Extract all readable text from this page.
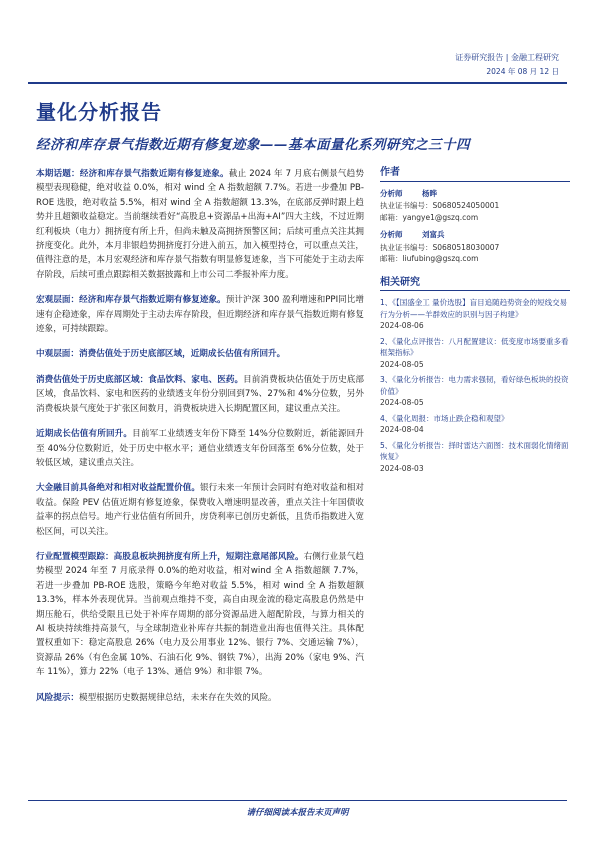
证券研究报告 | 金融工程研究
2024 年 08 月 12 日
量化分析报告
经济和库存景气指数近期有修复迹象——基本面量化系列研究之三十四

本期话题：经济和库存景气指数近期有修复迹象。截止 2024 年 7 月底右侧景气趋势模型表现稳健，绝对收益 0.0%，相对 wind 全 A 指数超额 7.7%。若进一步叠加 PB-ROE 选股，绝对收益 5.5%，相对 wind 全 A 指数超额 13.3%，在底部反弹时跟上趋势并且超额收益稳定。当前继续看好“高股息+资源品+出海+AI”四大主线，不过近期红利板块（电力）拥挤度有所上升，但尚未触及高拥挤预警区间；后续可重点关注其拥挤度变化。此外，本月非银趋势拥挤度打分进入前五，加入模型持仓，可以重点关注，值得注意的是，本月宏观经济和库存景气指数有明显修复迹象，当下可能处于主动去库存阶段，后续可重点跟踪相关数据披露和上市公司二季报补库力度。

宏观层面：经济和库存景气指数近期有修复迹象。预计沪深 300 盈利增速和PPI同比增速有企稳迹象，库存周期处于主动去库存阶段，但近期经济和库存景气指数近期有修复迹象，可持续跟踪。

中观层面：消费估值处于历史底部区域，近期成长估值有所回升。

消费估值处于历史底部区域：食品饮料、家电、医药。目前消费板块估值处于历史底部区域，食品饮料、家电和医药的业绩透支年份分别回到7%、27%和 4%分位数，另外消费板块景气度处于扩张区间数月，消费板块进入长期配置区间，建议重点关注。

近期成长估值有所回升。目前军工业绩透支年份下降至 14%分位数附近，新能源回升至 40%分位数附近，处于历史中枢水平；通信业绩透支年份回落至 6%分位数，处于较低区域，建议重点关注。

大金融目前具备绝对和相对收益配置价值。银行未来一年预计会同时有绝对收益和相对收益。保险 PEV 估值近期有修复迹象，保费收入增速明显改善，重点关注十年国债收益率的拐点信号。地产行业估值有所回升，房贷利率已创历史新低，且货币指数进入宽松区间，可以关注。

行业配置模型跟踪：高股息板块拥挤度有所上升，短期注意尾部风险。右侧行业景气趋势模型 2024 年至 7 月底录得 0.0%的绝对收益，相对wind 全 A 指数超额 7.7%，若进一步叠加 PB-ROE 选股，策略今年绝对收益 5.5%，相对 wind 全 A 指数超额 13.3%，样本外表现优异。当前观点维持不变，高自由现金流的稳定高股息仍然是中期压舱石，供给受限且已处于补库存周期的部分资源品进入超配阶段，与算力相关的 AI 板块持续维持高景气，与全球制造业补库存共振的制造业出海也值得关注。具体配置权重如下：稳定高股息 26%（电力及公用事业 12%、银行 7%、交通运输 7%），资源品 26%（有色金属 10%、石油石化 9%、钢铁 7%），出海 20%（家电 9%、汽车 11%），算力 22%（电子 13%、通信 9%）和非银 7%。

风险提示：模型根据历史数据规律总结，未来存在失效的风险。

作者
分析师	杨晔
执业证书编号：S0680524050001
邮箱：yangye1@gszq.com
分析师	刘富兵
执业证书编号：S0680518030007
邮箱：liufubing@gszq.com
相关研究
1、《【国盛金工 量价选股】盲目追随趋势资金的短线交易行为分析——羊群效应的识别与因子构建》
2024-08-06
2、《量化点评报告：八月配置建议：低变度市场要重多看框架指标》
2024-08-05
3、《量化分析报告：电力需求强韧，看好绿色板块的投资价值》
2024-08-05
4、《量化周报：市场止跌企稳和观望》
2024-08-04
5、《量化分析报告：择时雷达六面图：技术面弱化情绪面恢复》
2024-08-03
请仔细阅读本报告末页声明
